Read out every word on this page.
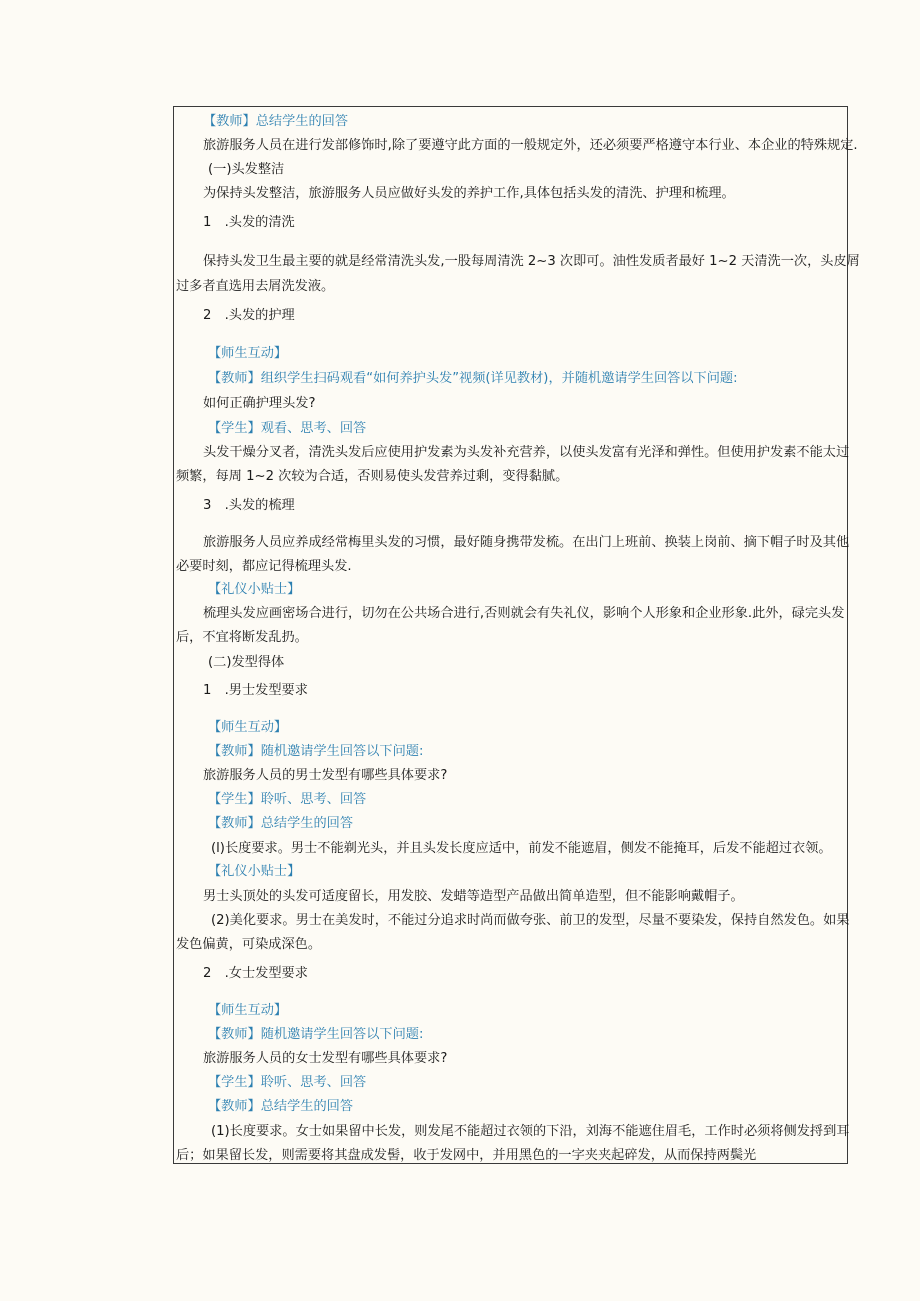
【教师】总结学生的回答
旅游服务人员在进行发部修饰时,除了要遵守此方面的一般规定外，还必须要严格遵守本行业、本企业的特殊规定.
(一)头发整洁
为保持头发整洁，旅游服务人员应做好头发的养护工作,具体包括头发的清洗、护理和梳理。
1　.头发的清洗
保持头发卫生最主要的就是经常清洗头发,一股每周清洗 2~3 次即可。油性发质者最好 1~2 天清洗一次，头皮屑
过多者直选用去屑洗发液。
2　.头发的护理
【师生互动】
【教师】组织学生扫码观看“如何养护头发”视频(详见教材)，并随机邀请学生回答以下问题:
如何正确护理头发?
【学生】观看、思考、回答
头发干燥分叉者，清洗头发后应使用护发素为头发补充营养，以使头发富有光泽和弹性。但使用护发素不能太过
频繁，每周 1~2 次较为合适，否则易使头发营养过剩，变得黏腻。
3　.头发的梳理
旅游服务人员应养成经常梅里头发的习惯，最好随身携带发梳。在出门上班前、换装上岗前、摘下帽子时及其他
必要时刻，都应记得梳理头发.
【礼仪小贴士】
梳理头发应画密场合进行，切勿在公共场合进行,否则就会有失礼仪，影响个人形象和企业形象.此外，碌完头发
后，不宜将断发乱扔。
(二)发型得体
1　.男士发型要求
【师生互动】
【教师】随机邀请学生回答以下问题:
旅游服务人员的男士发型有哪些具体要求?
【学生】聆听、思考、回答
【教师】总结学生的回答
(l)长度要求。男士不能剃光头，并且头发长度应适中，前发不能遮眉，侧发不能掩耳，后发不能超过衣领。
【礼仪小贴士】
男士头顶处的头发可适度留长，用发胶、发蜡等造型产品做出简单造型，但不能影响戴帽子。
(2)美化要求。男士在美发时，不能过分追求时尚而做夸张、前卫的发型，尽量不要染发，保持自然发色。如果
发色偏黄，可染成深色。
2　.女士发型要求
【师生互动】
【教师】随机邀请学生回答以下问题:
旅游服务人员的女士发型有哪些具体要求?
【学生】聆听、思考、回答
【教师】总结学生的回答
(1)长度要求。女士如果留中长发，则发尾不能超过衣领的下沿，刘海不能遮住眉毛，工作时必须将侧发捋到耳
后；如果留长发，则需要将其盘成发髻，收于发网中，并用黑色的一字夹夹起碎发，从而保持两鬓光
